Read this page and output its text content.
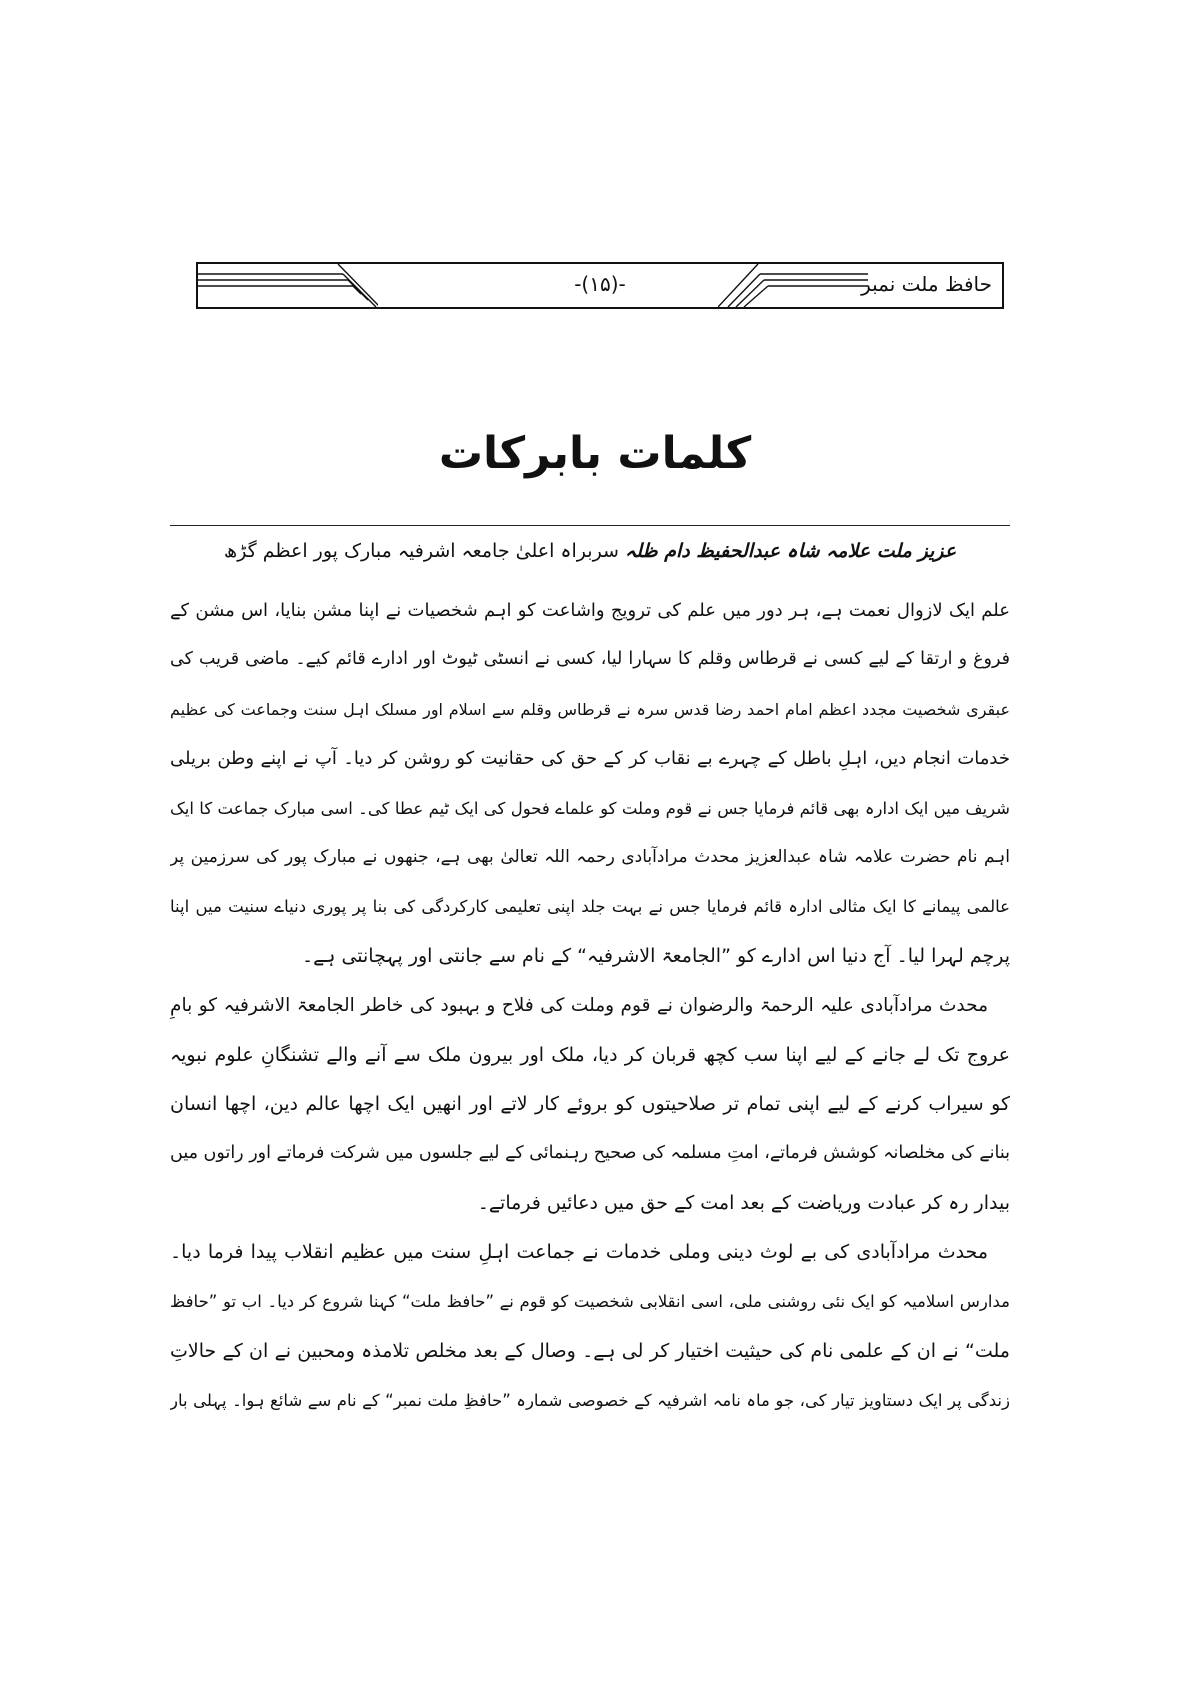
-(۱۵)-	حافظ ملت نمبر
کلمات بابرکات
عزیز ملت علامہ شاہ عبدالحفیظ دام ظلہ سربراہ اعلیٰ جامعہ اشرفیہ مبارک پور اعظم گڑھ
علم ایک لازوال نعمت ہے، ہر دور میں علم کی ترویج واشاعت کو اہم شخصیات نے اپنا مشن بنایا، اس مشن کے
فروغ و ارتقا کے لیے کسی نے قرطاس وقلم کا سہارا لیا، کسی نے انسٹی ٹیوٹ اور ادارے قائم کیے۔ ماضی قریب کی
عبقری شخصیت مجدد اعظم امام احمد رضا قدس سرہ نے قرطاس وقلم سے اسلام اور مسلک اہل سنت وجماعت کی عظیم
خدمات انجام دیں، اہلِ باطل کے چہرے بے نقاب کر کے حق کی حقانیت کو روشن کر دیا۔ آپ نے اپنے وطن بریلی
شریف میں ایک ادارہ بھی قائم فرمایا جس نے قوم وملت کو علماے فحول کی ایک ٹیم عطا کی۔ اسی مبارک جماعت کا ایک
اہم نام حضرت علامہ شاہ عبدالعزیز محدث مرادآبادی رحمہ اللہ تعالیٰ بھی ہے، جنھوں نے مبارک پور کی سرزمین پر
عالمی پیمانے کا ایک مثالی ادارہ قائم فرمایا جس نے بہت جلد اپنی تعلیمی کارکردگی کی بنا پر پوری دنیاے سنیت میں اپنا
پرچم لہرا لیا۔ آج دنیا اس ادارے کو ”الجامعۃ الاشرفیہ“ کے نام سے جانتی اور پہچانتی ہے۔
محدث مرادآبادی علیہ الرحمۃ والرضوان نے قوم وملت کی فلاح و بہبود کی خاطر الجامعۃ الاشرفیہ کو بامِ
عروج تک لے جانے کے لیے اپنا سب کچھ قربان کر دیا، ملک اور بیرون ملک سے آنے والے تشنگانِ علوم نبویہ
کو سیراب کرنے کے لیے اپنی تمام تر صلاحیتوں کو بروئے کار لاتے اور انھیں ایک اچھا عالم دین، اچھا انسان
بنانے کی مخلصانہ کوشش فرماتے، امتِ مسلمہ کی صحیح رہنمائی کے لیے جلسوں میں شرکت فرماتے اور راتوں میں
بیدار رہ کر عبادت وریاضت کے بعد امت کے حق میں دعائیں فرماتے۔
محدث مرادآبادی کی بے لوث دینی وملی خدمات نے جماعت اہلِ سنت میں عظیم انقلاب پیدا فرما دیا۔
مدارس اسلامیہ کو ایک نئی روشنی ملی، اسی انقلابی شخصیت کو قوم نے ”حافظ ملت“ کہنا شروع کر دیا۔ اب تو ”حافظ
ملت“ نے ان کے علمی نام کی حیثیت اختیار کر لی ہے۔ وصال کے بعد مخلص تلامذہ ومحبین نے ان کے حالاتِ
زندگی پر ایک دستاویز تیار کی، جو ماہ نامہ اشرفیہ کے خصوصی شمارہ ”حافظِ ملت نمبر“ کے نام سے شائع ہوا۔ پہلی بار
